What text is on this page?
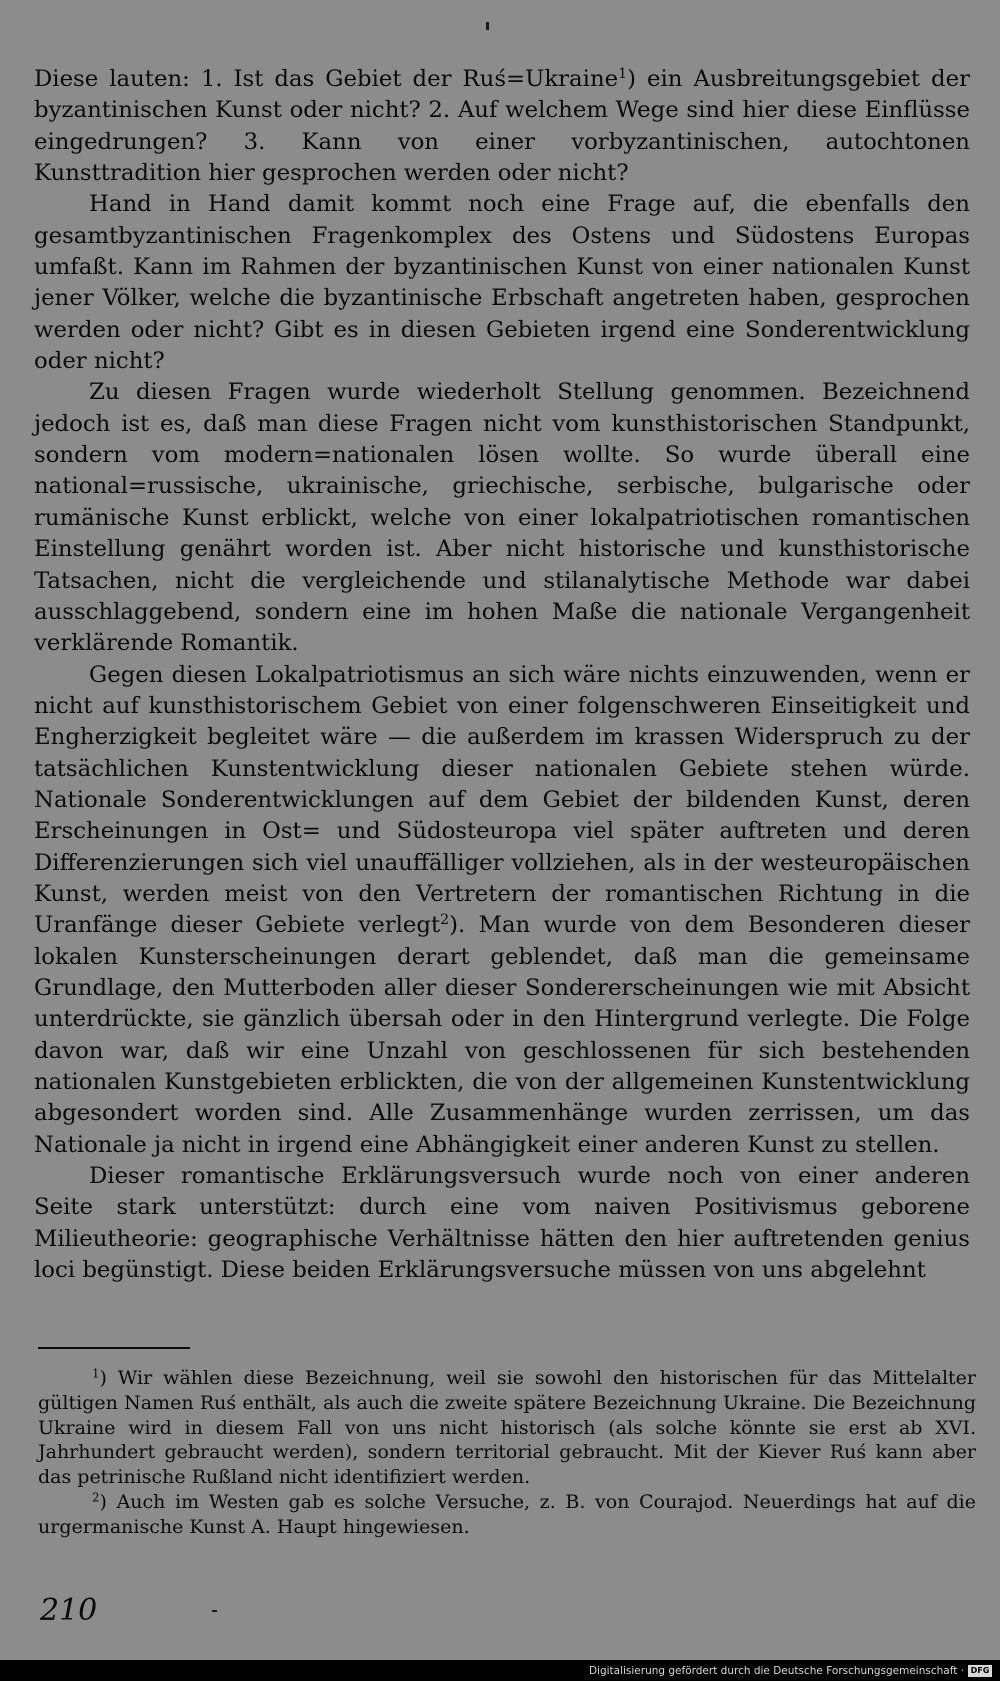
Diese lauten: 1. Ist das Gebiet der Ruś=Ukraine$^1$) ein Ausbreitungsgebiet der byzantinischen Kunst oder nicht? 2. Auf welchem Wege sind hier diese Einflüsse eingedrungen? 3. Kann von einer vorbyzantinischen, autochtonen Kunsttradition hier gesprochen werden oder nicht?

Hand in Hand damit kommt noch eine Frage auf, die ebenfalls den gesamtbyzantinischen Fragenkomplex des Ostens und Südostens Europas umfaßt. Kann im Rahmen der byzantinischen Kunst von einer nationalen Kunst jener Völker, welche die byzantinische Erbschaft angetreten haben, gesprochen werden oder nicht? Gibt es in diesen Gebieten irgend eine Sonderentwicklung oder nicht?

Zu diesen Fragen wurde wiederholt Stellung genommen. Bezeichnend jedoch ist es, daß man diese Fragen nicht vom kunsthistorischen Standpunkt, sondern vom modern=nationalen lösen wollte. So wurde überall eine national=russische, ukrainische, griechische, serbische, bulgarische oder rumänische Kunst erblickt, welche von einer lokalpatriotischen romantischen Einstellung genährt worden ist. Aber nicht historische und kunsthistorische Tatsachen, nicht die vergleichende und stilanalytische Methode war dabei ausschlaggebend, sondern eine im hohen Maße die nationale Vergangenheit verklärende Romantik.

Gegen diesen Lokalpatriotismus an sich wäre nichts einzuwenden, wenn er nicht auf kunsthistorischem Gebiet von einer folgenschweren Einseitigkeit und Engherzigkeit begleitet wäre — die außerdem im krassen Widerspruch zu der tatsächlichen Kunstentwicklung dieser nationalen Gebiete stehen würde. Nationale Sonderentwicklungen auf dem Gebiet der bildenden Kunst, deren Erscheinungen in Ost= und Südosteuropa viel später auftreten und deren Differenzierungen sich viel unauffälliger vollziehen, als in der westeuropäischen Kunst, werden meist von den Vertretern der romantischen Richtung in die Uranfänge dieser Gebiete verlegt$^2$). Man wurde von dem Besonderen dieser lokalen Kunsterscheinungen derart geblendet, daß man die gemeinsame Grundlage, den Mutterboden aller dieser Sondererscheinungen wie mit Absicht unterdrückte, sie gänzlich übersah oder in den Hintergrund verlegte. Die Folge davon war, daß wir eine Unzahl von geschlossenen für sich bestehenden nationalen Kunstgebieten erblickten, die von der allgemeinen Kunstentwicklung abgesondert worden sind. Alle Zusammenhänge wurden zerrissen, um das Nationale ja nicht in irgend eine Abhängigkeit einer anderen Kunst zu stellen.

Dieser romantische Erklärungsversuch wurde noch von einer anderen Seite stark unterstützt: durch eine vom naiven Positivismus geborene Milieutheorie: geographische Verhältnisse hätten den hier auftretenden genius loci begünstigt. Diese beiden Erklärungsversuche müssen von uns abgelehnt

$^1$) Wir wählen diese Bezeichnung, weil sie sowohl den historischen für das Mittelalter gültigen Namen Ruś enthält, als auch die zweite spätere Bezeichnung Ukraine. Die Bezeichnung Ukraine wird in diesem Fall von uns nicht historisch (als solche könnte sie erst ab XVI. Jahrhundert gebraucht werden), sondern territorial gebraucht. Mit der Kiever Ruś kann aber das petrinische Rußland nicht identifiziert werden.

$^2$) Auch im Westen gab es solche Versuche, z. B. von Courajod. Neuerdings hat auf die urgermanische Kunst A. Haupt hingewiesen.

210
Digitalisierung gefördert durch die Deutsche Forschungsgemeinschaft · DFG
